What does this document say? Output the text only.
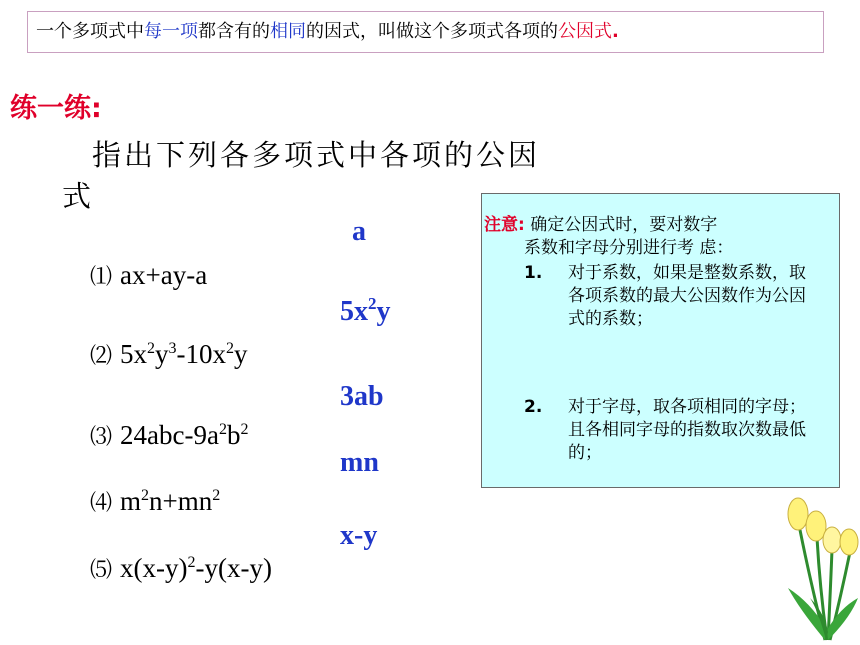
一个多项式中每一项都含有的相同的因式，叫做这个多项式各项的公因式.
练一练:
指出下列各多项式中各项的公因
式
a
⑴ ax+ay-a
$5x^2y$
⑵ $5x^2y^3-10x^2y$
3ab
⑶ $24abc-9a^2b^2$
mn
⑷ $m^2n+mn^2$
x-y
⑸ $x(x-y)^2-y(x-y)$
注意: 确定公因式时，要对数字
系数和字母分别进行考 虑：
1. 对于系数，如果是整数系数，取各项系数的最大公因数作为公因式的系数；
2. 对于字母，取各项相同的字母；且各相同字母的指数取次数最低的；
